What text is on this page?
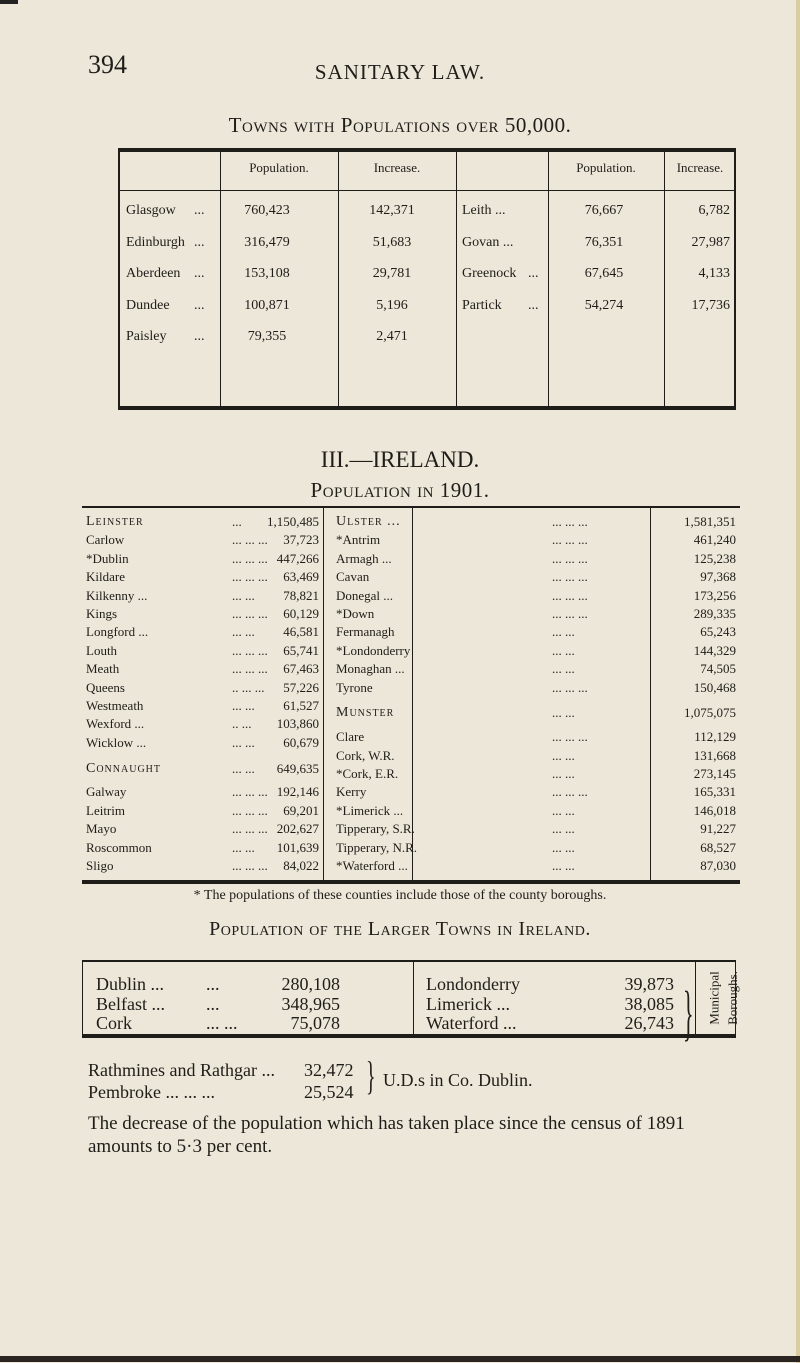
394	SANITARY LAW.
Towns with Populations over 50,000.
Population.	Increase.	Population.	Increase.
Glasgow ...	760,423	142,371
Edinburgh ...	316,479	51,683
Aberdeen ...	153,108	29,781
Dundee ...	100,871	5,196
Paisley ...	79,355	2,471
Leith ...	76,667	6,782
Govan ...	76,351	27,987
Greenock ...	67,645	4,133
Partick ...	54,274	17,736
III.—IRELAND.
Population in 1901.
Leinster	...	1,150,485
Carlow	... ... ...	37,723
*Dublin	... ... ... 447,266
Kildare	... ... ...	63,469
Kilkenny ...	... ...	78,821
Kings	... ... ...	60,129
Longford ...	... ...	46,581
Louth	... ... ...	65,741
Meath	... ... ...	67,463
Queens	.. ... ...	57,226
Westmeath	... ...	61,527
Wexford ...	.. ...	103,860
Wicklow ...	... ...	60,679
Connaught	... ...	649,635
Galway	... ... ... 192,146
Leitrim	... ... ...	69,201
Mayo	... ... ... 202,627
Roscommon	... ...	101,639
Sligo	... ... ...	84,022
Ulster ...	... ... ...	1,581,351
*Antrim	... ... ...	461,240
Armagh ...	... ... ...	125,238
Cavan	... ... ...	97,368
Donegal ...	... ... ...	173,256
*Down	... ... ...	289,335
Fermanagh	... ...	65,243
*Londonderry	... ...	144,329
Monaghan ...	... ...	74,505
Tyrone	... ... ...	150,468
Munster	... ...	1,075,075
Clare	... ... ...	112,129
Cork, W.R.	... ...	131,668
*Cork, E.R.	... ...	273,145
Kerry	... ... ...	165,331
*Limerick ...	... ...	146,018
Tipperary, S.R.	... ...	91,227
Tipperary, N.R.	... ...	68,527
*Waterford ...	... ...	87,030
* The populations of these counties include those of the county boroughs.
Population of the Larger Towns in Ireland.
Dublin ... ...	280,108
Belfast ... ...	348,965
Cork	... ...	75,078
Londonderry	39,873
Limerick ...	38,085
Waterford ...	26,743 } Municipal Boroughs.
Rathmines and Rathgar ... 32,472
Pembroke ... ... ...	25,524 } U.D.s in Co. Dublin.
The decrease of the population which has taken place since the census of 1891 amounts to 5·3 per cent.
